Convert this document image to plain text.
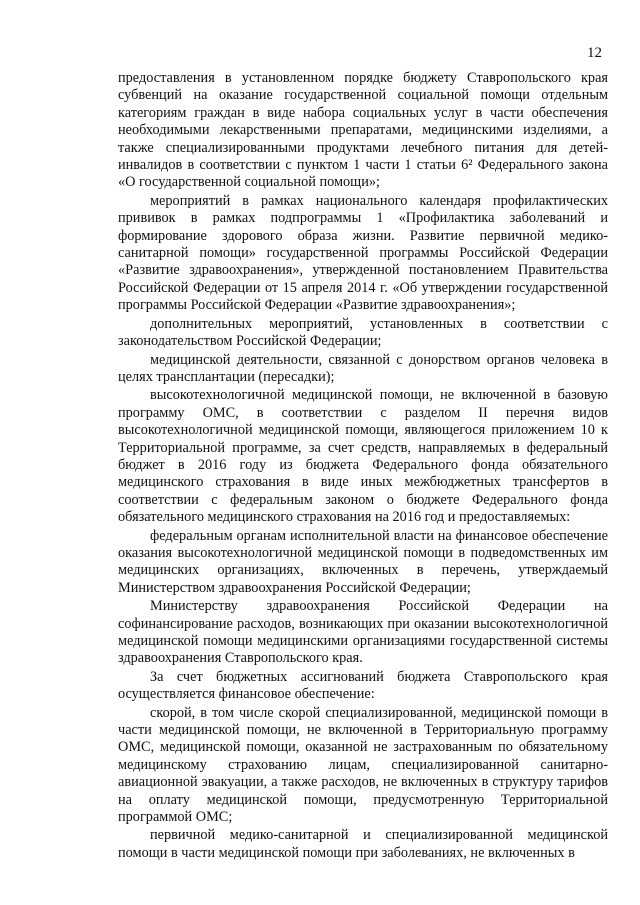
12

предоставления в установленном порядке бюджету Ставропольского края субвенций на оказание государственной социальной помощи отдельным категориям граждан в виде набора социальных услуг в части обеспечения необходимыми лекарственными препаратами, медицинскими изделиями, а также специализированными продуктами лечебного питания для детей-инвалидов в соответствии с пунктом 1 части 1 статьи 6² Федерального закона «О государственной социальной помощи»;

мероприятий в рамках национального календаря профилактических прививок в рамках подпрограммы 1 «Профилактика заболеваний и формирование здорового образа жизни. Развитие первичной медико-санитарной помощи» государственной программы Российской Федерации «Развитие здравоохранения», утвержденной постановлением Правительства Российской Федерации от 15 апреля 2014 г. «Об утверждении государственной программы Российской Федерации «Развитие здравоохранения»;

дополнительных мероприятий, установленных в соответствии с законодательством Российской Федерации;

медицинской деятельности, связанной с донорством органов человека в целях трансплантации (пересадки);

высокотехнологичной медицинской помощи, не включенной в базовую программу ОМС, в соответствии с разделом II перечня видов высокотехнологичной медицинской помощи, являющегося приложением 10 к Территориальной программе, за счет средств, направляемых в федеральный бюджет в 2016 году из бюджета Федерального фонда обязательного медицинского страхования в виде иных межбюджетных трансфертов в соответствии с федеральным законом о бюджете Федерального фонда обязательного медицинского страхования на 2016 год и предоставляемых:

федеральным органам исполнительной власти на финансовое обеспечение оказания высокотехнологичной медицинской помощи в подведомственных им медицинских организациях, включенных в перечень, утверждаемый Министерством здравоохранения Российской Федерации;

Министерству здравоохранения Российской Федерации на софинансирование расходов, возникающих при оказании высокотехнологичной медицинской помощи медицинскими организациями государственной системы здравоохранения Ставропольского края.

За счет бюджетных ассигнований бюджета Ставропольского края осуществляется финансовое обеспечение:

скорой, в том числе скорой специализированной, медицинской помощи в части медицинской помощи, не включенной в Территориальную программу ОМС, медицинской помощи, оказанной не застрахованным по обязательному медицинскому страхованию лицам, специализированной санитарно-авиационной эвакуации, а также расходов, не включенных в структуру тарифов на оплату медицинской помощи, предусмотренную Территориальной программой ОМС;

первичной медико-санитарной и специализированной медицинской помощи в части медицинской помощи при заболеваниях, не включенных в
